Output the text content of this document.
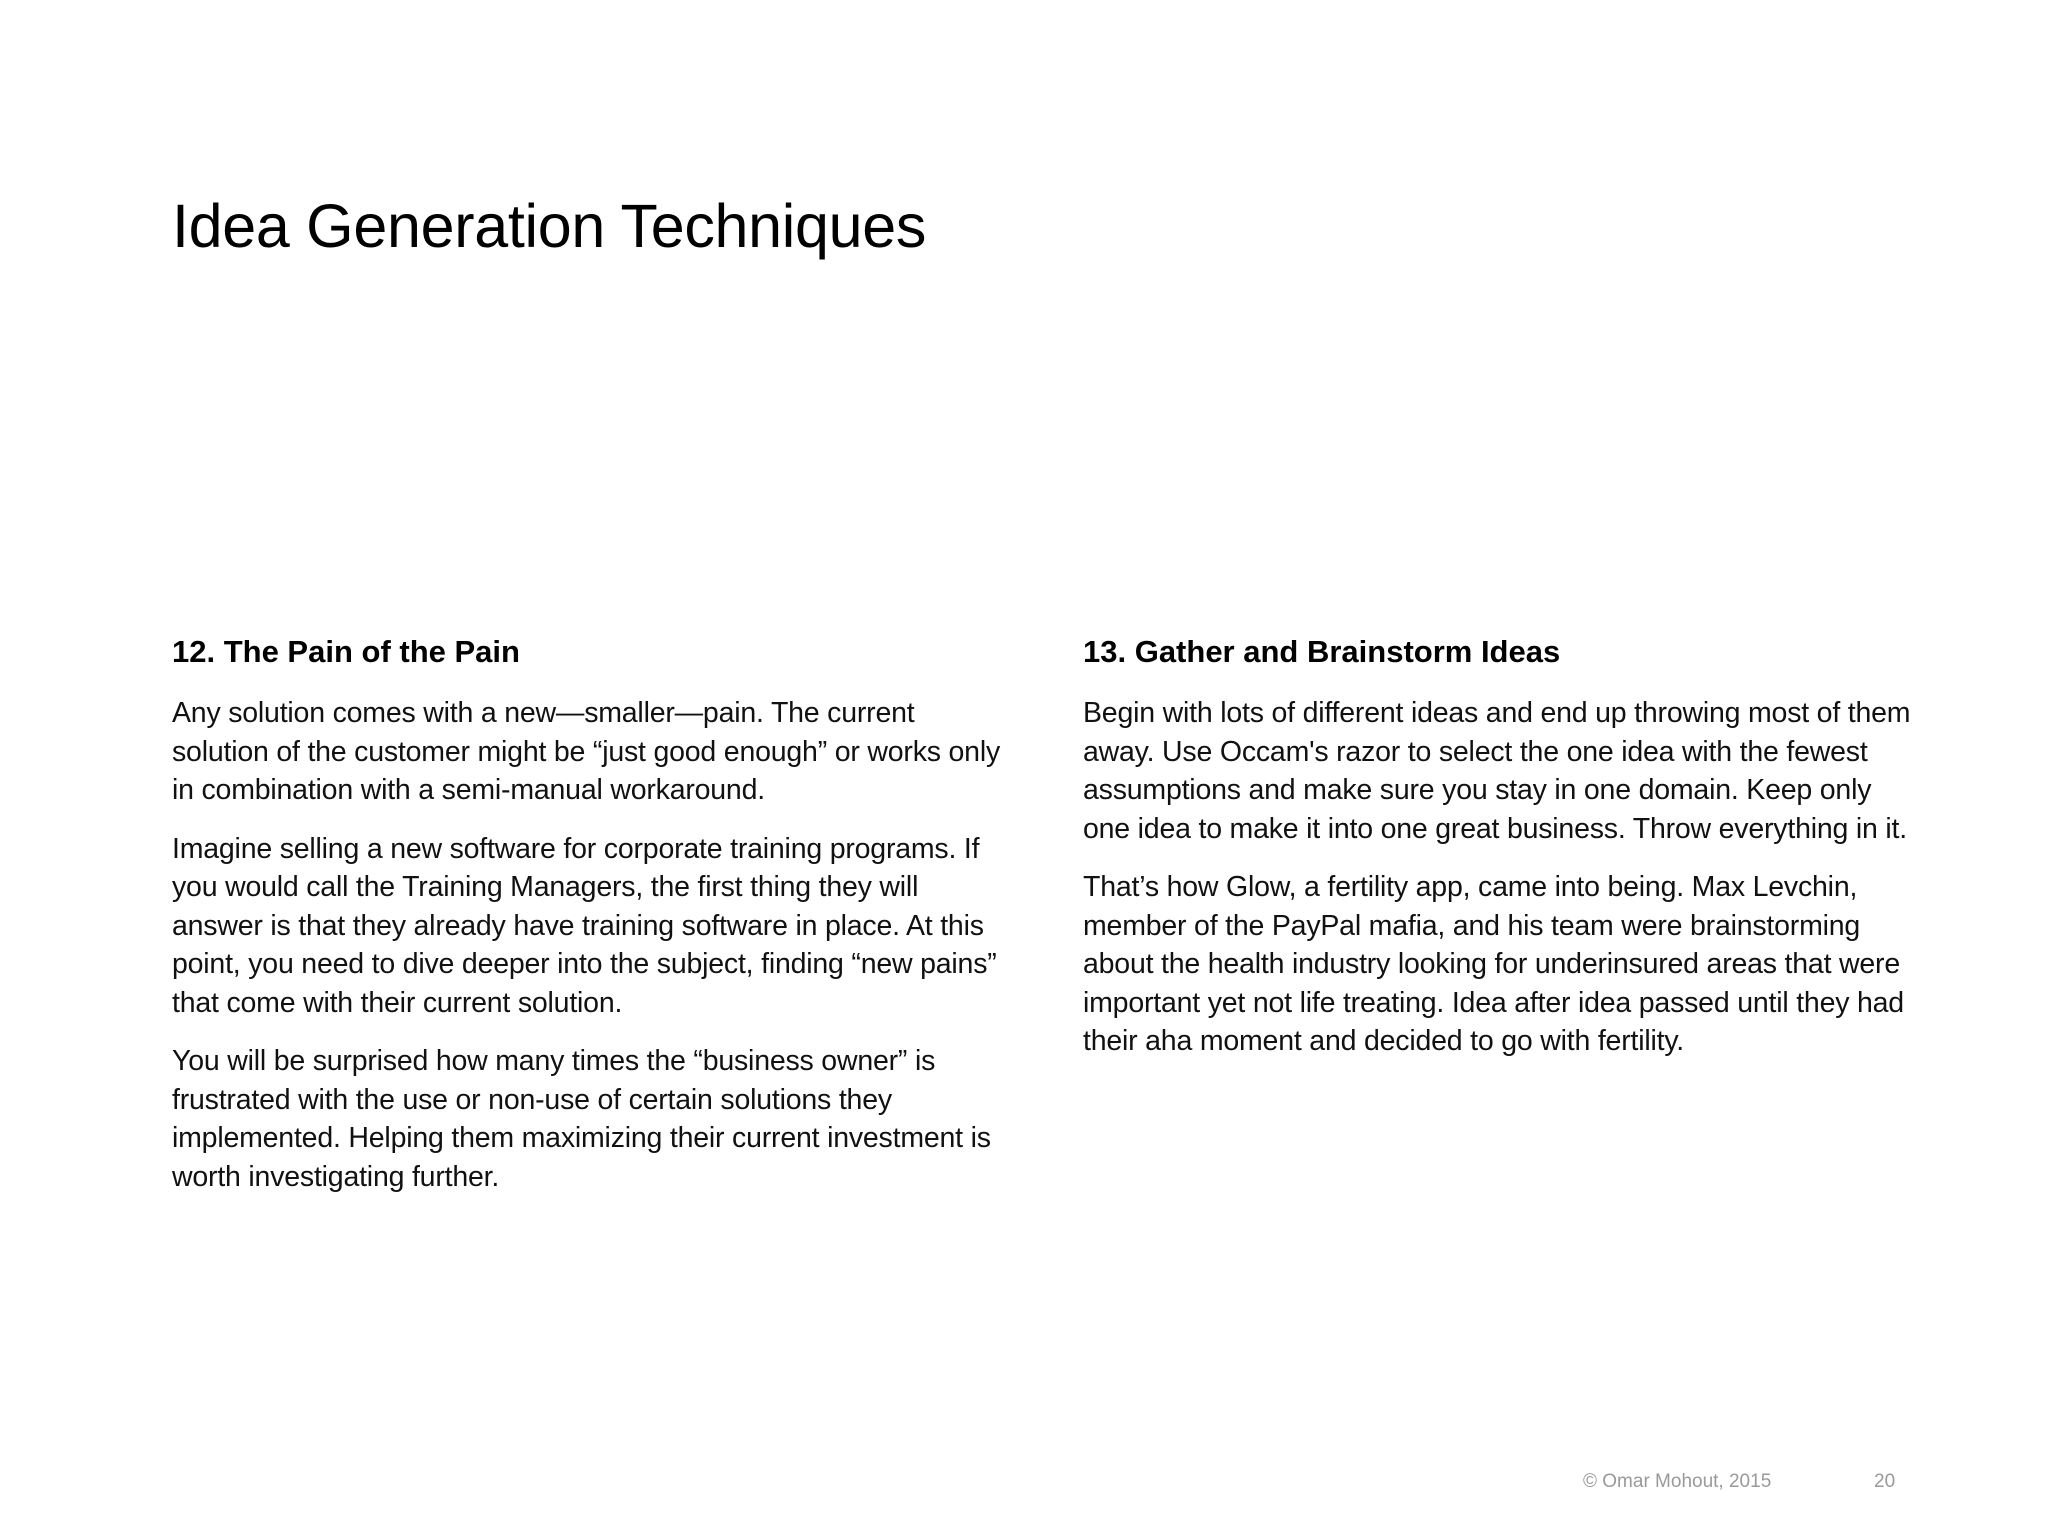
Idea Generation Techniques
12. The Pain of the Pain

Any solution comes with a new—smaller—pain. The current solution of the customer might be “just good enough” or works only in combination with a semi-manual workaround.

Imagine selling a new software for corporate training programs. If you would call the Training Managers, the first thing they will answer is that they already have training software in place. At this point, you need to dive deeper into the subject, finding “new pains” that come with their current solution.

You will be surprised how many times the “business owner” is frustrated with the use or non-use of certain solutions they implemented. Helping them maximizing their current investment is worth investigating further.

13. Gather and Brainstorm Ideas

Begin with lots of different ideas and end up throwing most of them away. Use Occam's razor to select the one idea with the fewest assumptions and make sure you stay in one domain. Keep only one idea to make it into one great business. Throw everything in it.

That’s how Glow, a fertility app, came into being. Max Levchin, member of the PayPal mafia, and his team were brainstorming about the health industry looking for underinsured areas that were important yet not life treating. Idea after idea passed until they had their aha moment and decided to go with fertility.

© Omar Mohout, 2015	20
